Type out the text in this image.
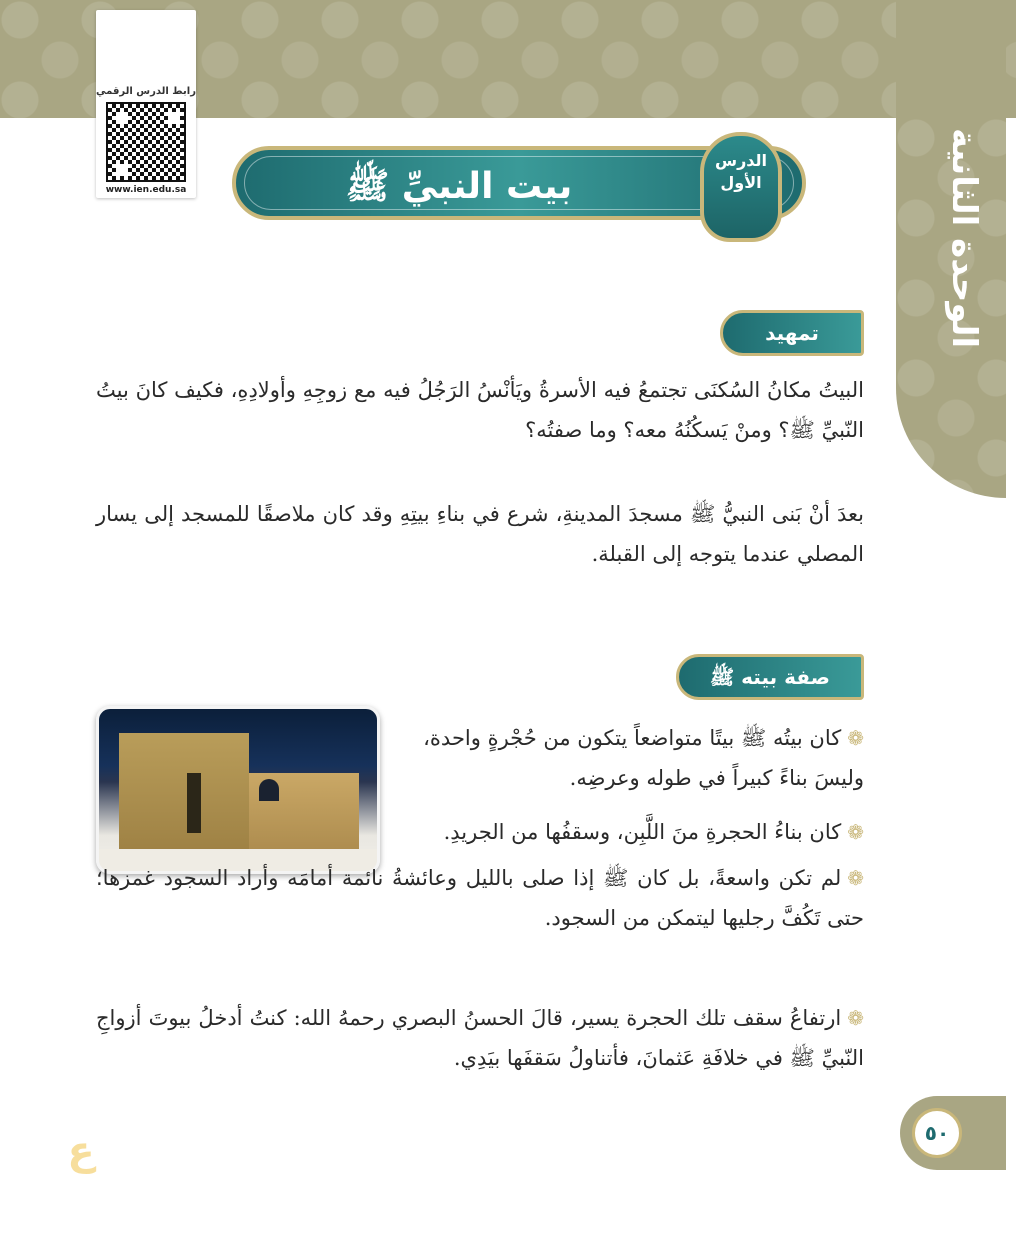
الوحدة الثانية
رابط الدرس الرقمي
www.ien.edu.sa	بيت النبيِّ ﷺ
الدرس
الأول
تمهيد
البيتُ مكانُ السُكنَى تجتمعُ فيه الأسرةُ ويَأنْسُ الرَجُلُ فيه مع زوجِهِ وأولادِهِ، فكيف كانَ بيتُ النّبيِّ ﷺ؟ ومنْ يَسكُنُهُ معه؟ وما صفتُه؟
بعدَ أنْ بَنى النبيُّ ﷺ مسجدَ المدينةِ، شرع في بناءِ بيتِهِ وقد كان ملاصقًا للمسجد إلى يسار المصلي عندما يتوجه إلى القبلة.
صفة بيته ﷺ
❁كان بيتُه ﷺ بيتًا متواضعاً يتكون من حُجْرةٍ واحدة، وليسَ بناءً كبيراً في طوله وعرضِه.
❁كان بناءُ الحجرةِ منَ اللَّبِن، وسقفُها من الجريدِ.
❁لم تكن واسعةً، بل كان ﷺ إذا صلى بالليل وعائشةُ نائمة أمامَه وأراد السجود غمزها؛ حتى تَكُفَّ رجليها ليتمكن من السجود.
❁ارتفاعُ سقف تلك الحجرة يسير، قالَ الحسنُ البصري رحمهُ الله: كنتُ أدخلُ بيوتَ أزواجِ النّبيِّ ﷺ في خلافَةِ عَثمانَ، فأتناولُ سَقفَها بيَدِي.
٥٠
ع
